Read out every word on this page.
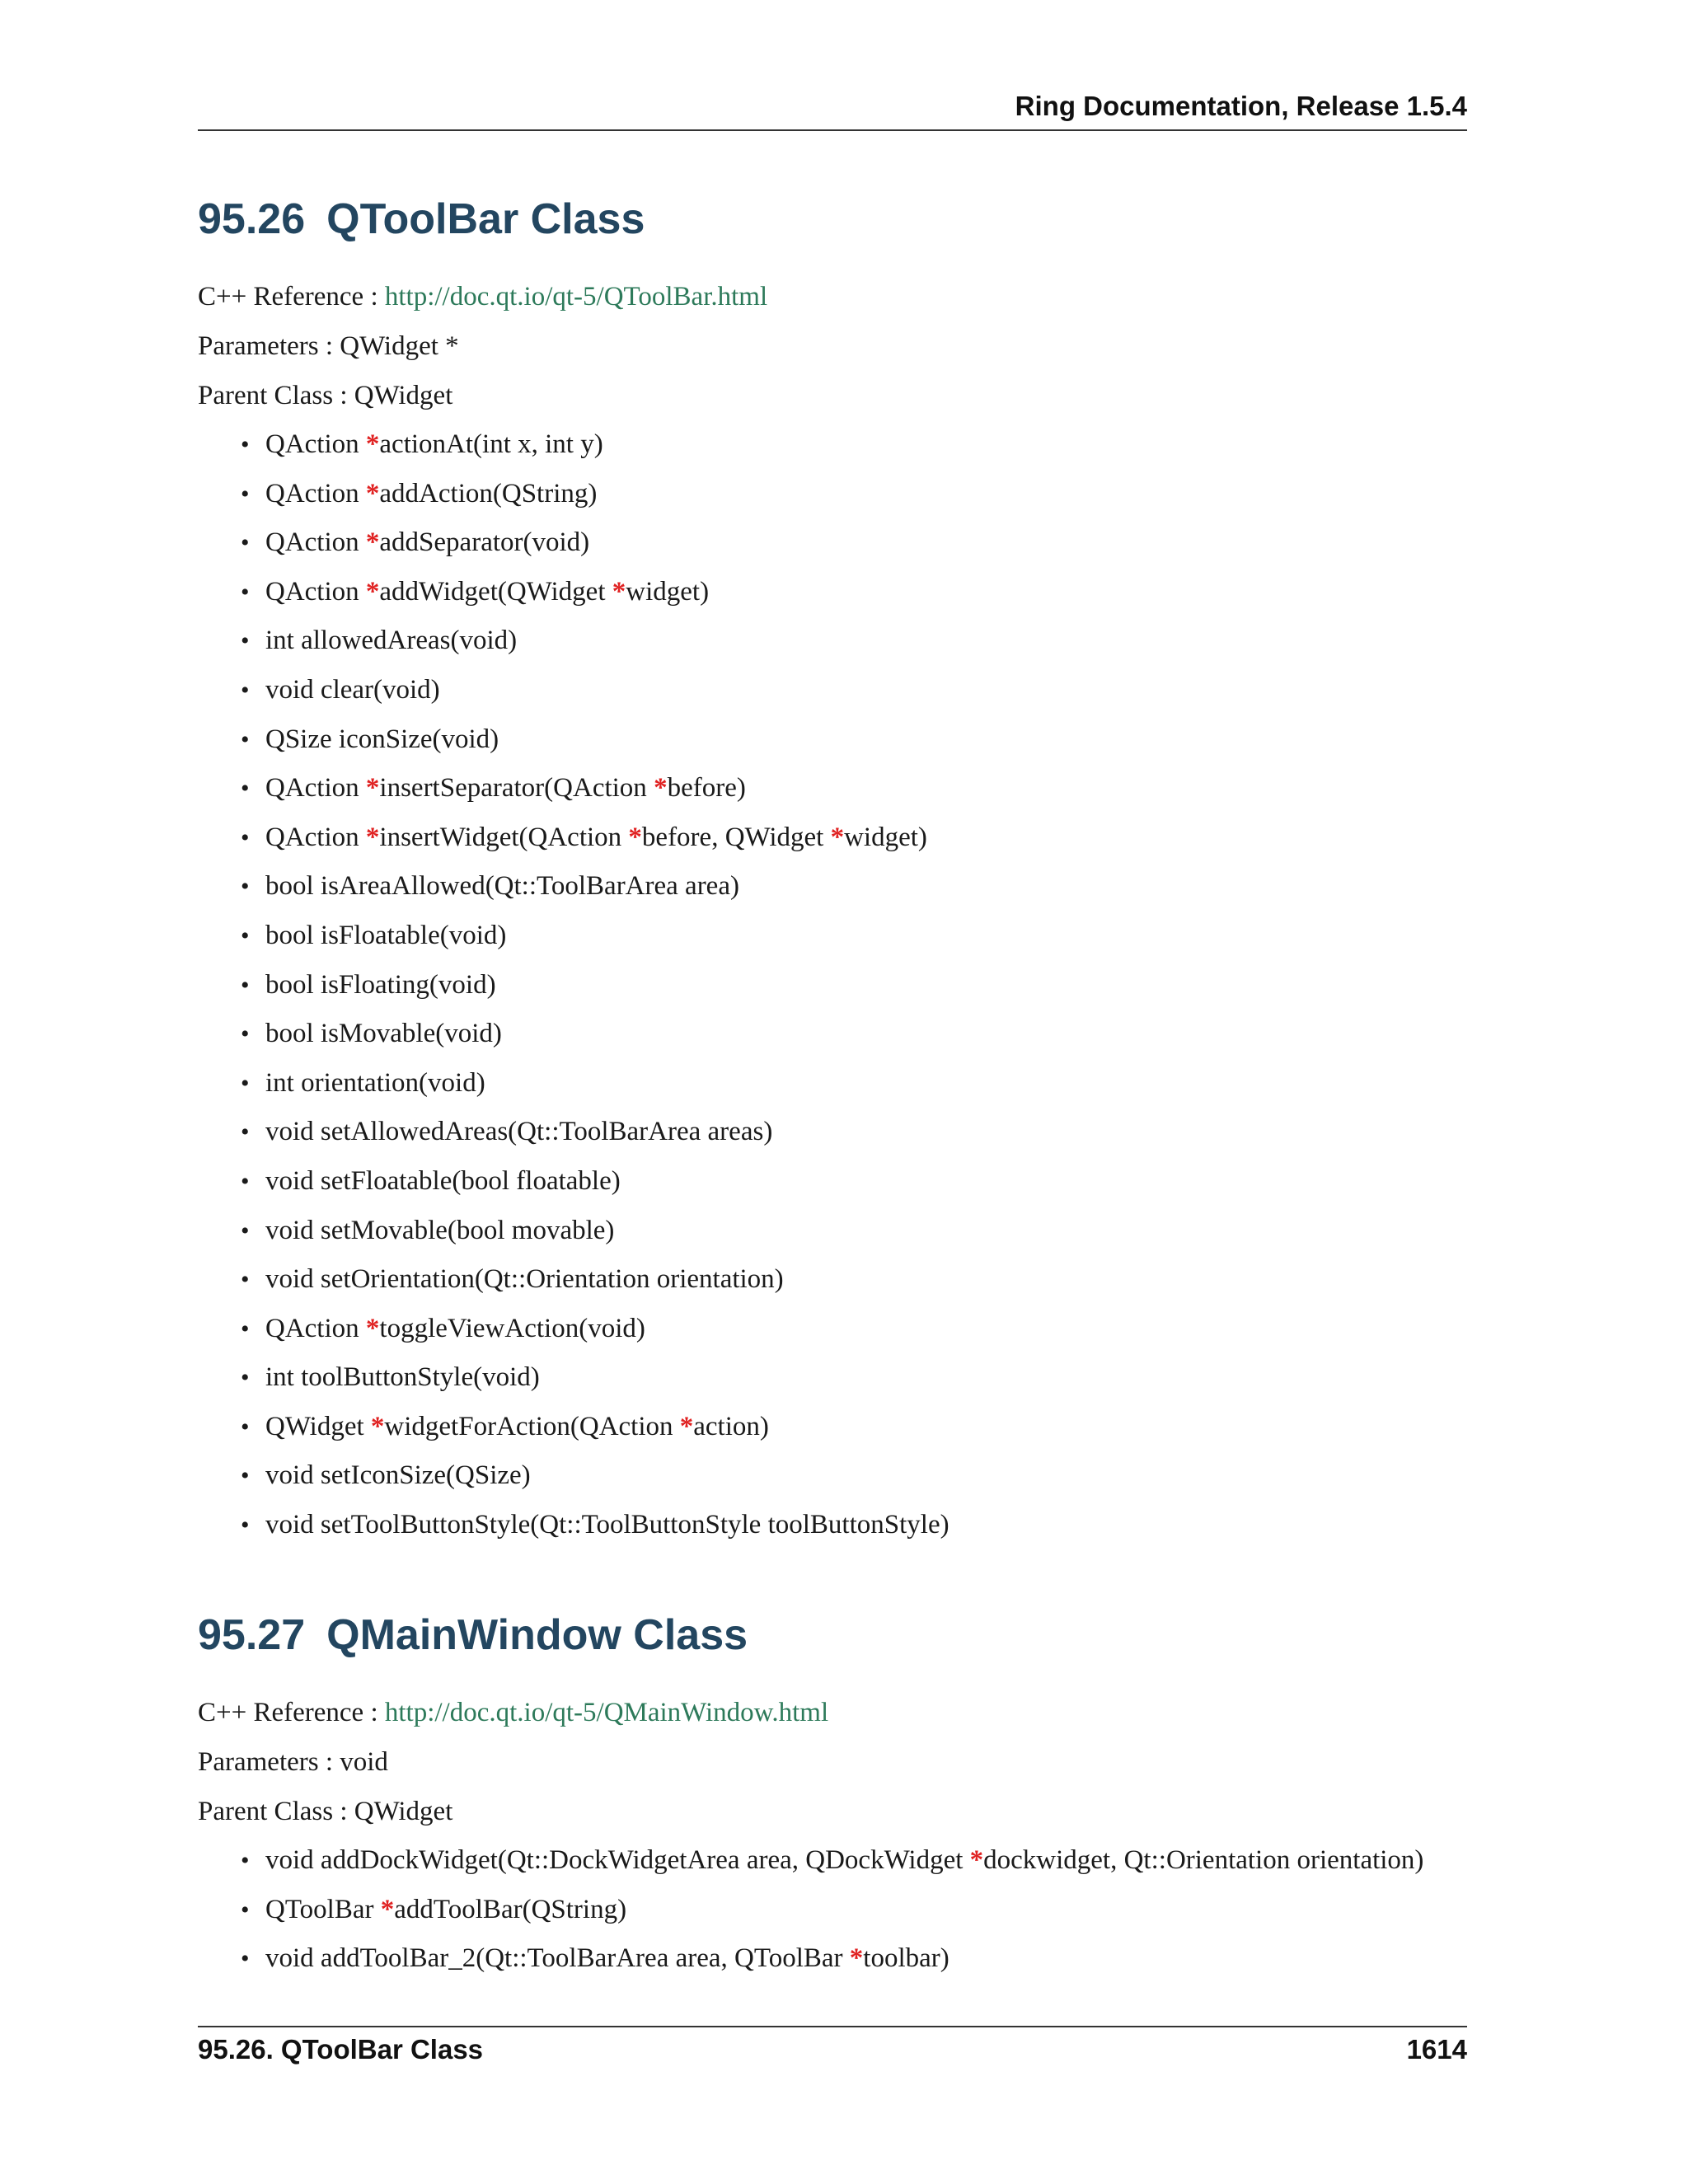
Ring Documentation, Release 1.5.4
95.26 QToolBar Class

C++ Reference : http://doc.qt.io/qt-5/QToolBar.html

Parameters : QWidget *

Parent Class : QWidget

• QAction *actionAt(int x, int y)
• QAction *addAction(QString)
• QAction *addSeparator(void)
• QAction *addWidget(QWidget *widget)
• int allowedAreas(void)
• void clear(void)
• QSize iconSize(void)
• QAction *insertSeparator(QAction *before)
• QAction *insertWidget(QAction *before, QWidget *widget)
• bool isAreaAllowed(Qt::ToolBarArea area)
• bool isFloatable(void)
• bool isFloating(void)
• bool isMovable(void)
• int orientation(void)
• void setAllowedAreas(Qt::ToolBarArea areas)
• void setFloatable(bool floatable)
• void setMovable(bool movable)
• void setOrientation(Qt::Orientation orientation)
• QAction *toggleViewAction(void)
• int toolButtonStyle(void)
• QWidget *widgetForAction(QAction *action)
• void setIconSize(QSize)
• void setToolButtonStyle(Qt::ToolButtonStyle toolButtonStyle)
95.27 QMainWindow Class

C++ Reference : http://doc.qt.io/qt-5/QMainWindow.html

Parameters : void

Parent Class : QWidget

• void addDockWidget(Qt::DockWidgetArea area, QDockWidget *dockwidget, Qt::Orientation orientation)
• QToolBar *addToolBar(QString)
• void addToolBar_2(Qt::ToolBarArea area, QToolBar *toolbar)
95.26. QToolBar Class	1614
